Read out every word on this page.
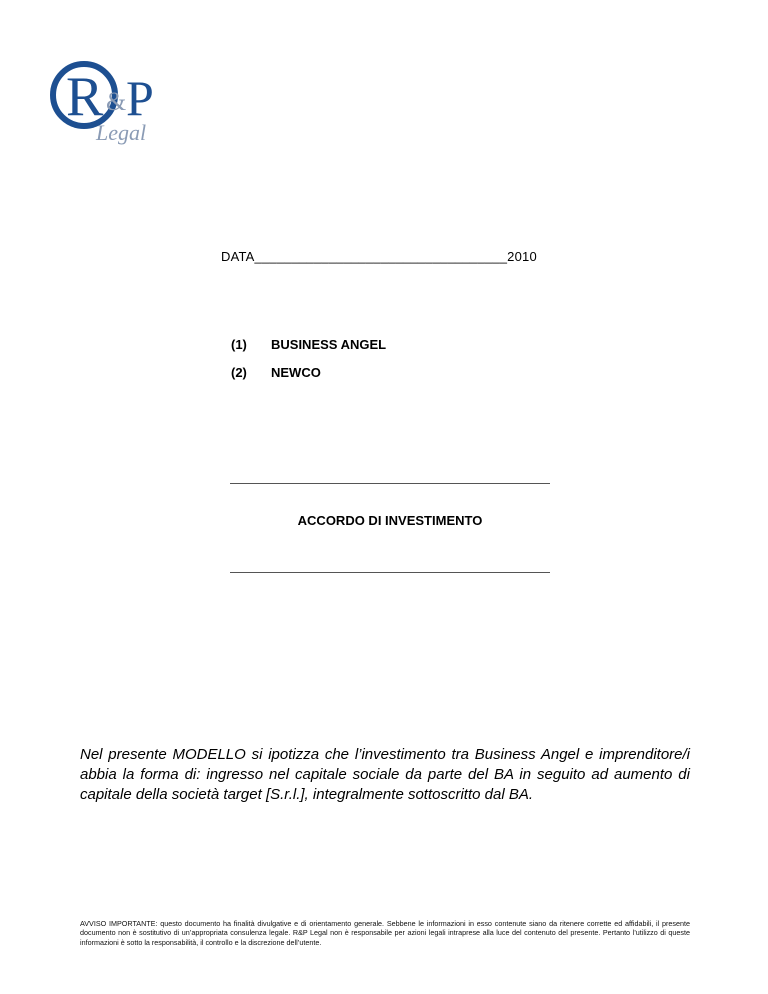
R & P
Legal
DATA__________________________________2010
(1)	BUSINESS ANGEL
(2)	NEWCO
ACCORDO DI INVESTIMENTO
Nel presente MODELLO si ipotizza che l’investimento tra Business Angel e imprenditore/i abbia la forma di: ingresso nel capitale sociale da parte del BA in seguito ad aumento di capitale della società target [S.r.l.], integralmente sottoscritto dal BA.
AVVISO IMPORTANTE: questo documento ha finalità divulgative e di orientamento generale. Sebbene le informazioni in esso contenute siano da ritenere corrette ed affidabili, il presente documento non è sostitutivo di un’appropriata consulenza legale. R&P Legal non è responsabile per azioni legali intraprese alla luce del contenuto del presente. Pertanto l’utilizzo di queste informazioni è sotto la responsabilità, il controllo e la discrezione dell’utente.
